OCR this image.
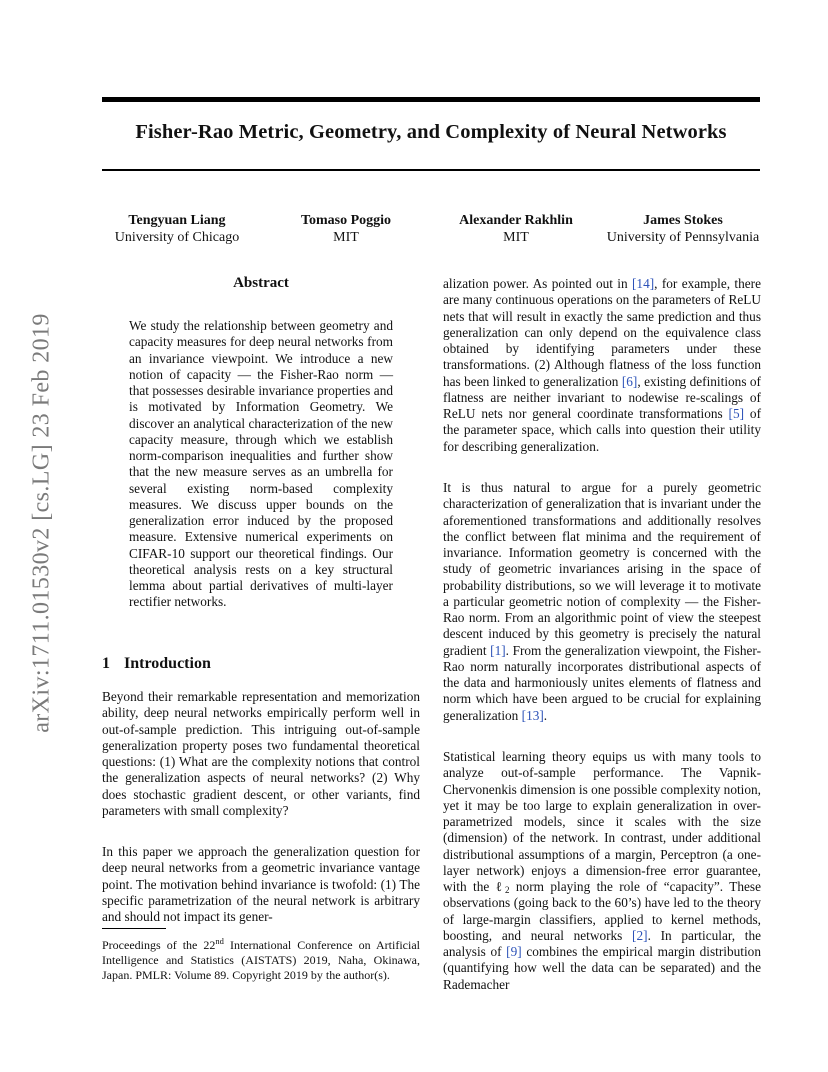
arXiv:1711.01530v2 [cs.LG] 23 Feb 2019
Fisher-Rao Metric, Geometry, and Complexity of Neural Networks
Tengyuan Liang
University of Chicago
Tomaso Poggio
MIT
Alexander Rakhlin
MIT
James Stokes
University of Pennsylvania
Abstract

We study the relationship between geometry and capacity measures for deep neural networks from an invariance viewpoint. We introduce a new notion of capacity — the Fisher-Rao norm — that possesses desirable invariance properties and is motivated by Information Geometry. We discover an analytical characterization of the new capacity measure, through which we establish norm-comparison inequalities and further show that the new measure serves as an umbrella for several existing norm-based complexity measures. We discuss upper bounds on the generalization error induced by the proposed measure. Extensive numerical experiments on CIFAR-10 support our theoretical findings. Our theoretical analysis rests on a key structural lemma about partial derivatives of multi-layer rectifier networks.

1 Introduction

Beyond their remarkable representation and memorization ability, deep neural networks empirically perform well in out-of-sample prediction. This intriguing out-of-sample generalization property poses two fundamental theoretical questions: (1) What are the complexity notions that control the generalization aspects of neural networks? (2) Why does stochastic gradient descent, or other variants, find parameters with small complexity?

In this paper we approach the generalization question for deep neural networks from a geometric invariance vantage point. The motivation behind invariance is twofold: (1) The specific parametrization of the neural network is arbitrary and should not impact its gener-

Proceedings of the 22nd International Conference on Artificial Intelligence and Statistics (AISTATS) 2019, Naha, Okinawa, Japan. PMLR: Volume 89. Copyright 2019 by the author(s).

alization power. As pointed out in [14], for example, there are many continuous operations on the parameters of ReLU nets that will result in exactly the same prediction and thus generalization can only depend on the equivalence class obtained by identifying parameters under these transformations. (2) Although flatness of the loss function has been linked to generalization [6], existing definitions of flatness are neither invariant to nodewise re-scalings of ReLU nets nor general coordinate transformations [5] of the parameter space, which calls into question their utility for describing generalization.

It is thus natural to argue for a purely geometric characterization of generalization that is invariant under the aforementioned transformations and additionally resolves the conflict between flat minima and the requirement of invariance. Information geometry is concerned with the study of geometric invariances arising in the space of probability distributions, so we will leverage it to motivate a particular geometric notion of complexity — the Fisher-Rao norm. From an algorithmic point of view the steepest descent induced by this geometry is precisely the natural gradient [1]. From the generalization viewpoint, the Fisher-Rao norm naturally incorporates distributional aspects of the data and harmoniously unites elements of flatness and norm which have been argued to be crucial for explaining generalization [13].

Statistical learning theory equips us with many tools to analyze out-of-sample performance. The Vapnik-Chervonenkis dimension is one possible complexity notion, yet it may be too large to explain generalization in over-parametrized models, since it scales with the size (dimension) of the network. In contrast, under additional distributional assumptions of a margin, Perceptron (a one-layer network) enjoys a dimension-free error guarantee, with the ℓ$_2$ norm playing the role of “capacity”. These observations (going back to the 60’s) have led to the theory of large-margin classifiers, applied to kernel methods, boosting, and neural networks [2]. In particular, the analysis of [9] combines the empirical margin distribution (quantifying how well the data can be separated) and the Rademacher
